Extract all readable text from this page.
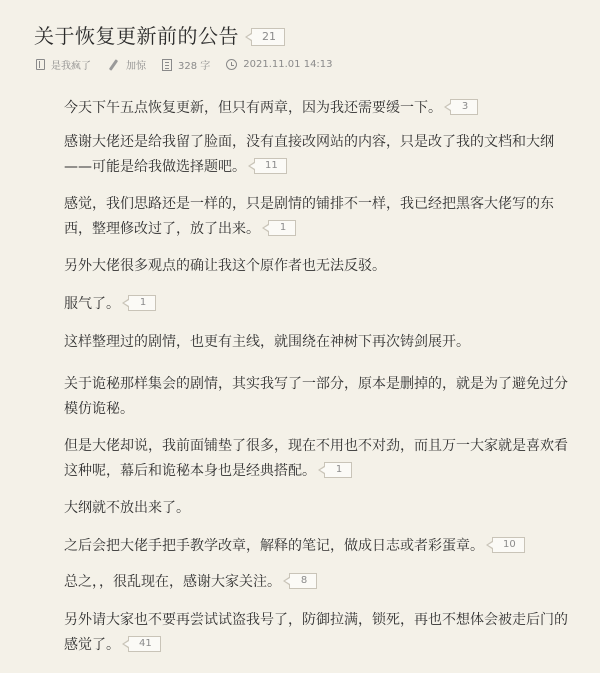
关于恢复更新前的公告	21
是我疯了	加惊	328 字	2021.11.01 14:13

今天下午五点恢复更新，但只有两章，因为我还需要缓一下。 3

感谢大佬还是给我留了脸面，没有直接改网站的内容，只是改了我的文档和大纲——可能是给我做选择题吧。 11

感觉，我们思路还是一样的，只是剧情的铺排不一样，我已经把黑客大佬写的东西，整理修改过了，放了出来。 1

另外大佬很多观点的确让我这个原作者也无法反驳。

服气了。 1

这样整理过的剧情，也更有主线，就围绕在神树下再次铸剑展开。

关于诡秘那样集会的剧情，其实我写了一部分，原本是删掉的，就是为了避免过分模仿诡秘。

但是大佬却说，我前面铺垫了很多，现在不用也不对劲，而且万一大家就是喜欢看这种呢，幕后和诡秘本身也是经典搭配。 1

大纲就不放出来了。

之后会把大佬手把手教学改章，解释的笔记，做成日志或者彩蛋章。 10

总之，，很乱现在，感谢大家关注。 8

另外请大家也不要再尝试试盗我号了，防御拉满，锁死，再也不想体会被走后门的感觉了。 41
